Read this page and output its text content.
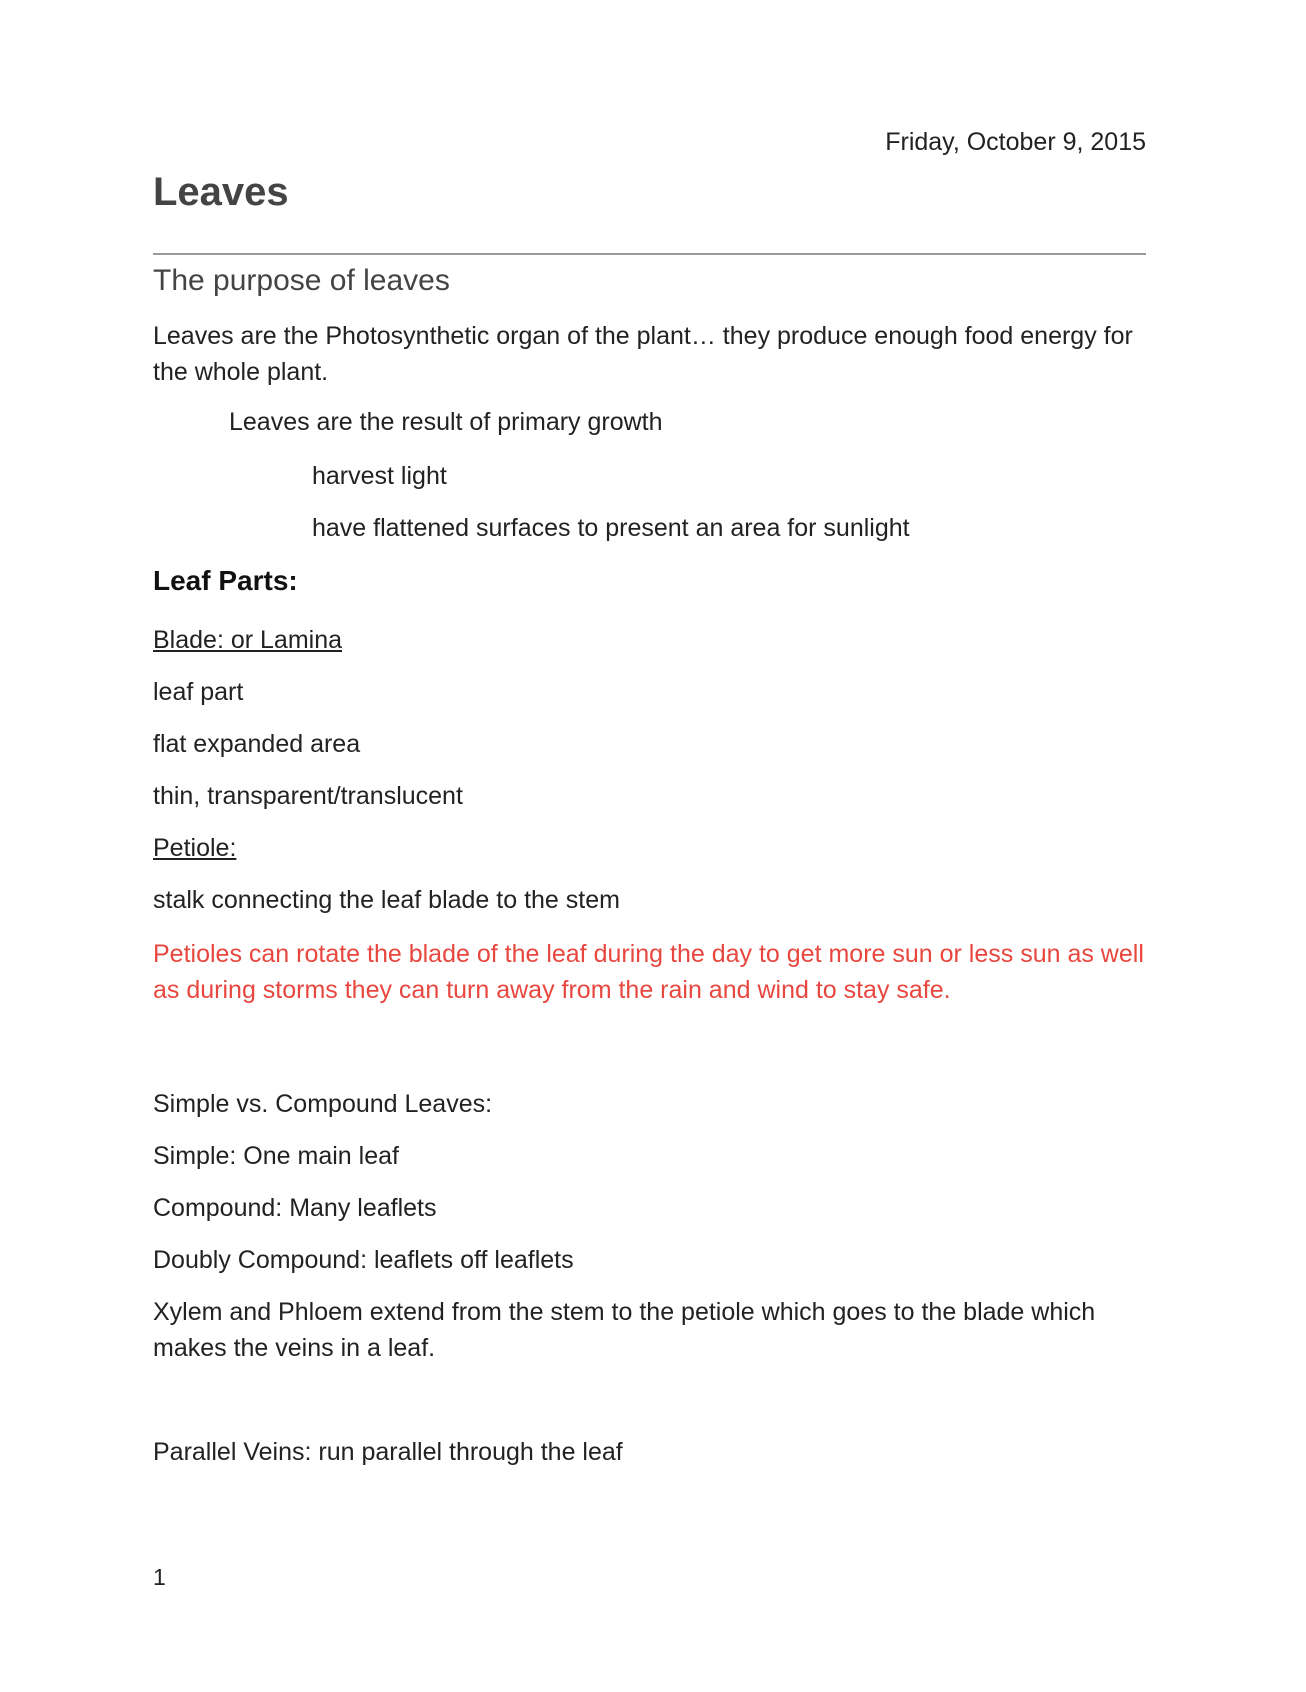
Friday, October 9, 2015
Leaves
The purpose of leaves
Leaves are the Photosynthetic organ of the plant… they produce enough food energy for the whole plant.
Leaves are the result of primary growth
harvest light
have flattened surfaces to present an area for sunlight
Leaf Parts:
Blade: or Lamina
leaf part
flat expanded area
thin, transparent/translucent
Petiole:
stalk connecting the leaf blade to the stem
Petioles can rotate the blade of the leaf during the day to get more sun or less sun as well as during storms they can turn away from the rain and wind to stay safe.
Simple vs. Compound Leaves:
Simple: One main leaf
Compound: Many leaflets
Doubly Compound: leaflets off leaflets
Xylem and Phloem extend from the stem to the petiole which goes to the blade which makes the veins in a leaf.
Parallel Veins: run parallel through the leaf
1
